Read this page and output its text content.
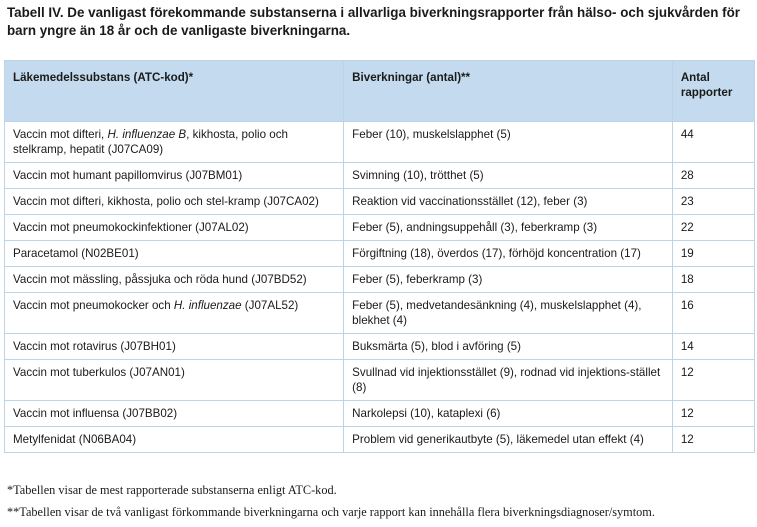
Tabell IV. De vanligast förekommande substanserna i allvarliga biverkningsrapporter från hälso- och sjukvården för barn yngre än 18 år och de vanligaste biverkningarna.
Läkemedelssubstans (ATC-kod)*	Biverkningar (antal)**	Antal rapporter
Vaccin mot difteri, H. influenzae B, kikhosta, polio och stelkramp, hepatit (J07CA09)	Feber (10), muskelslapphet (5)	44
Vaccin mot humant papillomvirus (J07BM01)	Svimning (10), trötthet (5)	28
Vaccin mot difteri, kikhosta, polio och stel-kramp (J07CA02)	Reaktion vid vaccinationsstället (12), feber (3)	23
Vaccin mot pneumokockinfektioner (J07AL02)	Feber (5), andningsuppehåll (3), feberkramp (3)	22
Paracetamol (N02BE01)	Förgiftning (18), överdos (17), förhöjd koncentration (17)	19
Vaccin mot mässling, påssjuka och röda hund (J07BD52)	Feber (5), feberkramp (3)	18
Vaccin mot pneumokocker och H. influenzae (J07AL52)	Feber (5), medvetandesänkning (4), muskelslapphet (4), blekhet (4)	16
Vaccin mot rotavirus (J07BH01)	Buksmärta (5), blod i avföring (5)	14
Vaccin mot tuberkulos (J07AN01)	Svullnad vid injektionsstället (9), rodnad vid injektions-stället (8)	12
Vaccin mot influensa (J07BB02)	Narkolepsi (10), kataplexi (6)	12
Metylfenidat (N06BA04)	Problem vid generikautbyte (5), läkemedel utan effekt (4)	12

*Tabellen visar de mest rapporterade substanserna enligt ATC-kod.

**Tabellen visar de två vanligast förkommande biverkningarna och varje rapport kan innehålla flera biverkningsdiagnoser/symtom.
